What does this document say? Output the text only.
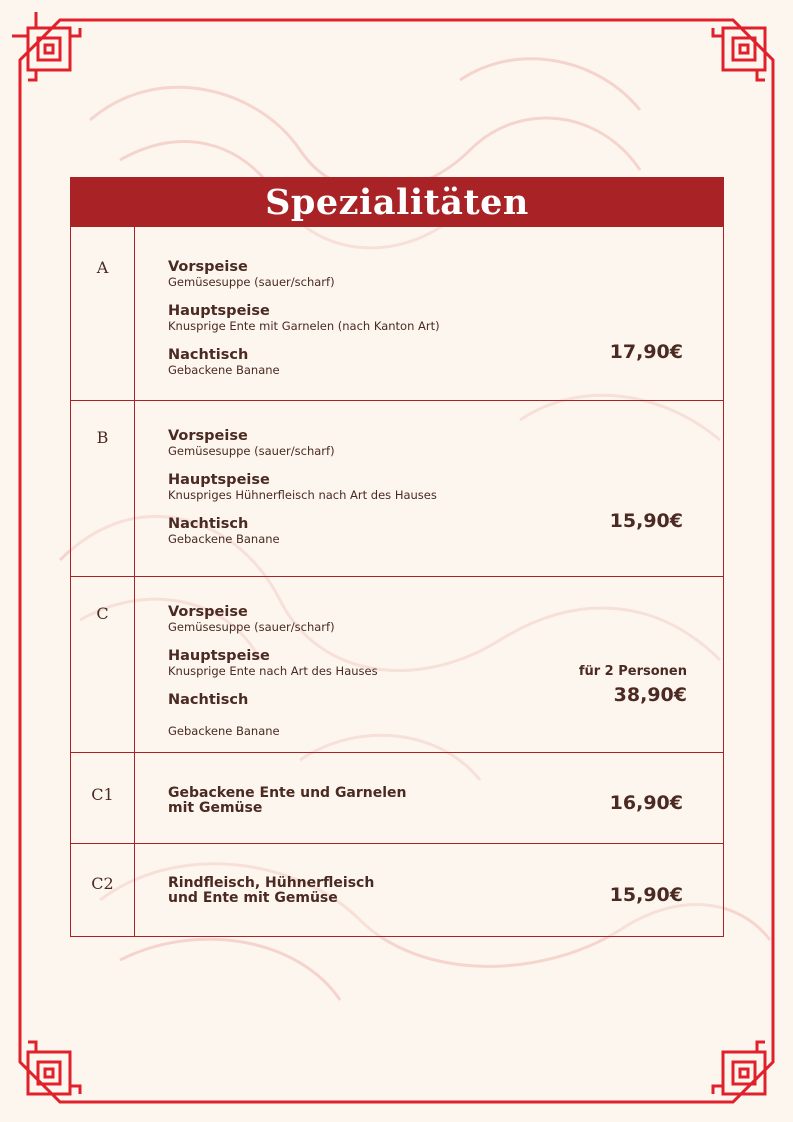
Spezialitäten
A	Vorspeise
Gemüsesuppe (sauer/scharf)
Hauptspeise
Knusprige Ente mit Garnelen (nach Kanton Art)
Nachtisch
Gebackene Banane
17,90€
B	Vorspeise
Gemüsesuppe (sauer/scharf)
Hauptspeise
Knuspriges Hühnerfleisch nach Art des Hauses
Nachtisch
Gebackene Banane
15,90€
C	Vorspeise
Gemüsesuppe (sauer/scharf)
Hauptspeise
Knusprige Ente nach Art des Hauses
Nachtisch
Gebackene Banane
für 2 Personen
38,90€
C1	Gebackene Ente und Garnelen
mit Gemüse	16,90€
C2	Rindfleisch, Hühnerfleisch
und Ente mit Gemüse	15,90€
